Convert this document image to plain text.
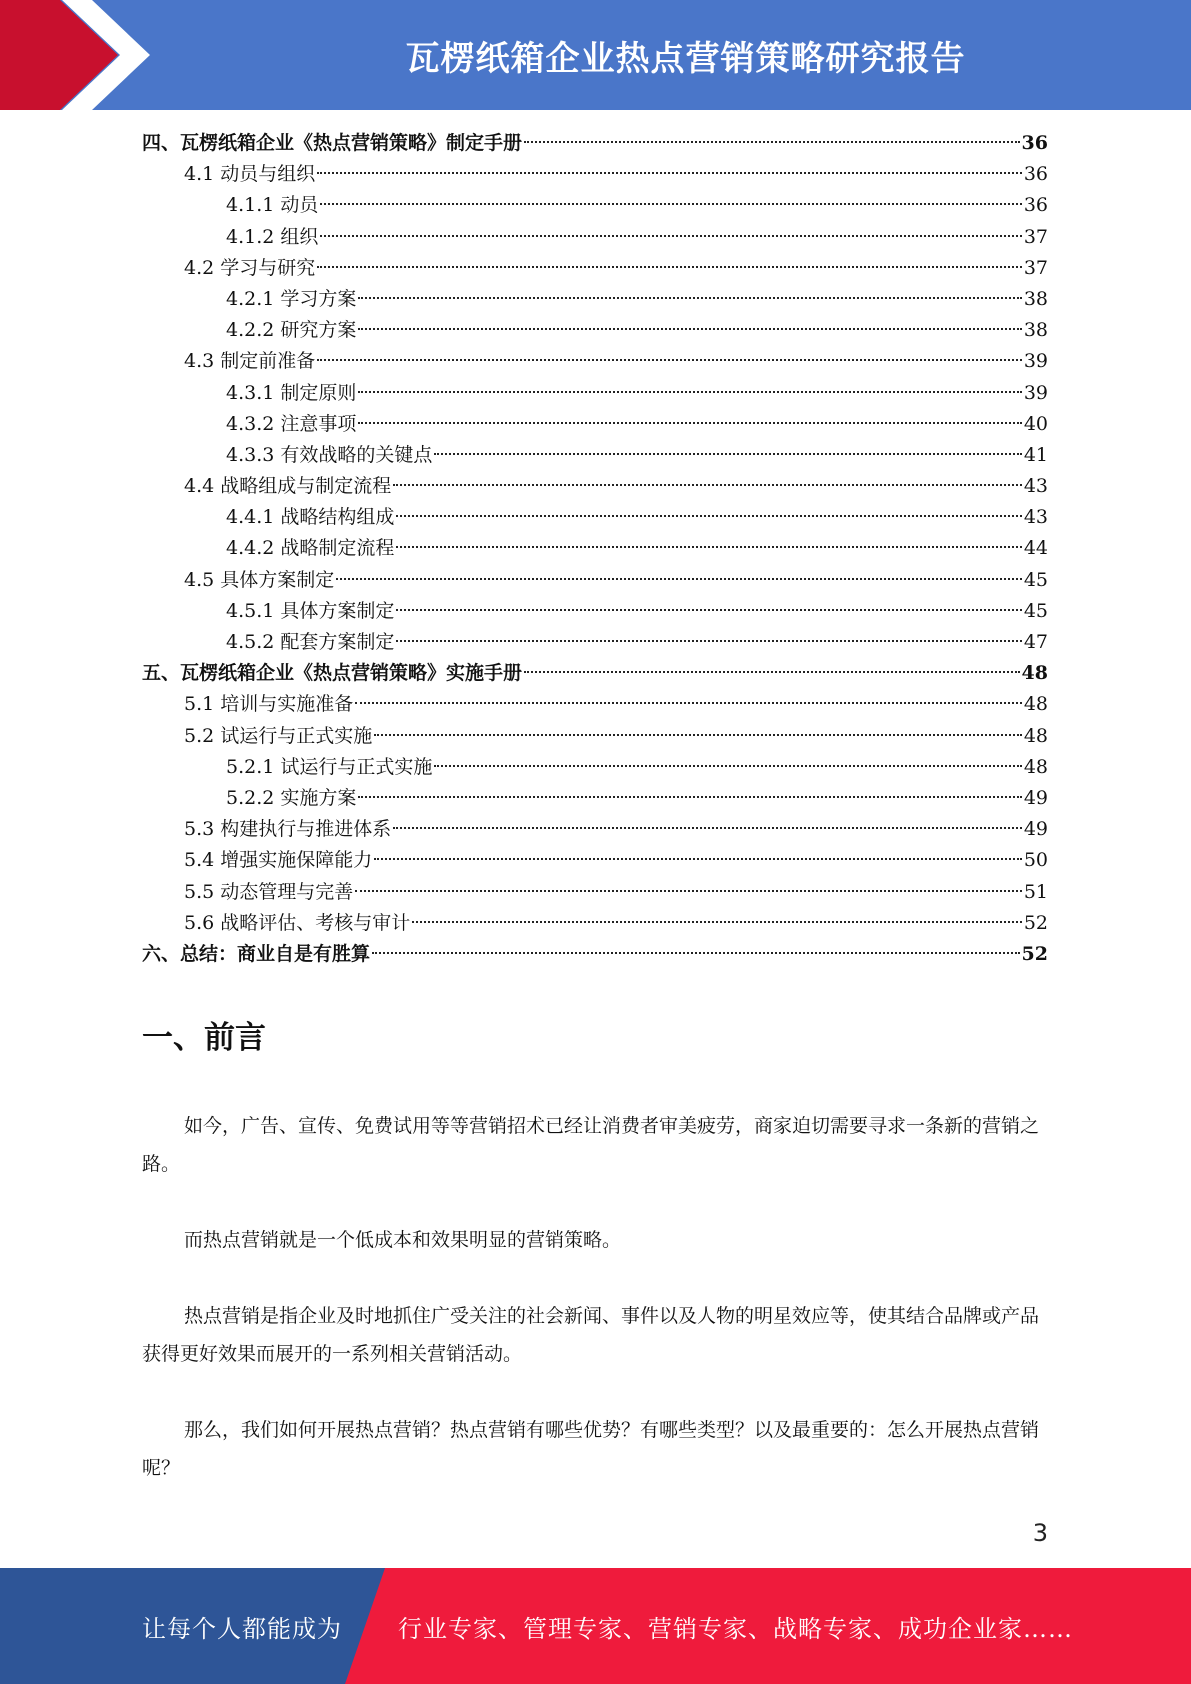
瓦楞纸箱企业热点营销策略研究报告
四、瓦楞纸箱企业《热点营销策略》制定手册	36
4.1 动员与组织	36
4.1.1 动员	36
4.1.2 组织	37
4.2 学习与研究	37
4.2.1 学习方案	38
4.2.2 研究方案	38
4.3 制定前准备	39
4.3.1 制定原则	39
4.3.2 注意事项	40
4.3.3 有效战略的关键点	41
4.4 战略组成与制定流程	43
4.4.1 战略结构组成	43
4.4.2 战略制定流程	44
4.5 具体方案制定	45
4.5.1 具体方案制定	45
4.5.2 配套方案制定	47
五、瓦楞纸箱企业《热点营销策略》实施手册	48
5.1 培训与实施准备	48
5.2 试运行与正式实施	48
5.2.1 试运行与正式实施	48
5.2.2 实施方案	49
5.3 构建执行与推进体系	49
5.4 增强实施保障能力	50
5.5 动态管理与完善	51
5.6 战略评估、考核与审计	52
六、总结：商业自是有胜算	52
一、前言

如今，广告、宣传、免费试用等等营销招术已经让消费者审美疲劳，商家迫切需要寻求一条新的营销之路。

而热点营销就是一个低成本和效果明显的营销策略。

热点营销是指企业及时地抓住广受关注的社会新闻、事件以及人物的明星效应等，使其结合品牌或产品获得更好效果而展开的一系列相关营销活动。

那么，我们如何开展热点营销？热点营销有哪些优势？有哪些类型？以及最重要的：怎么开展热点营销呢？

3
让每个人都能成为 行业专家、管理专家、营销专家、战略专家、成功企业家……
